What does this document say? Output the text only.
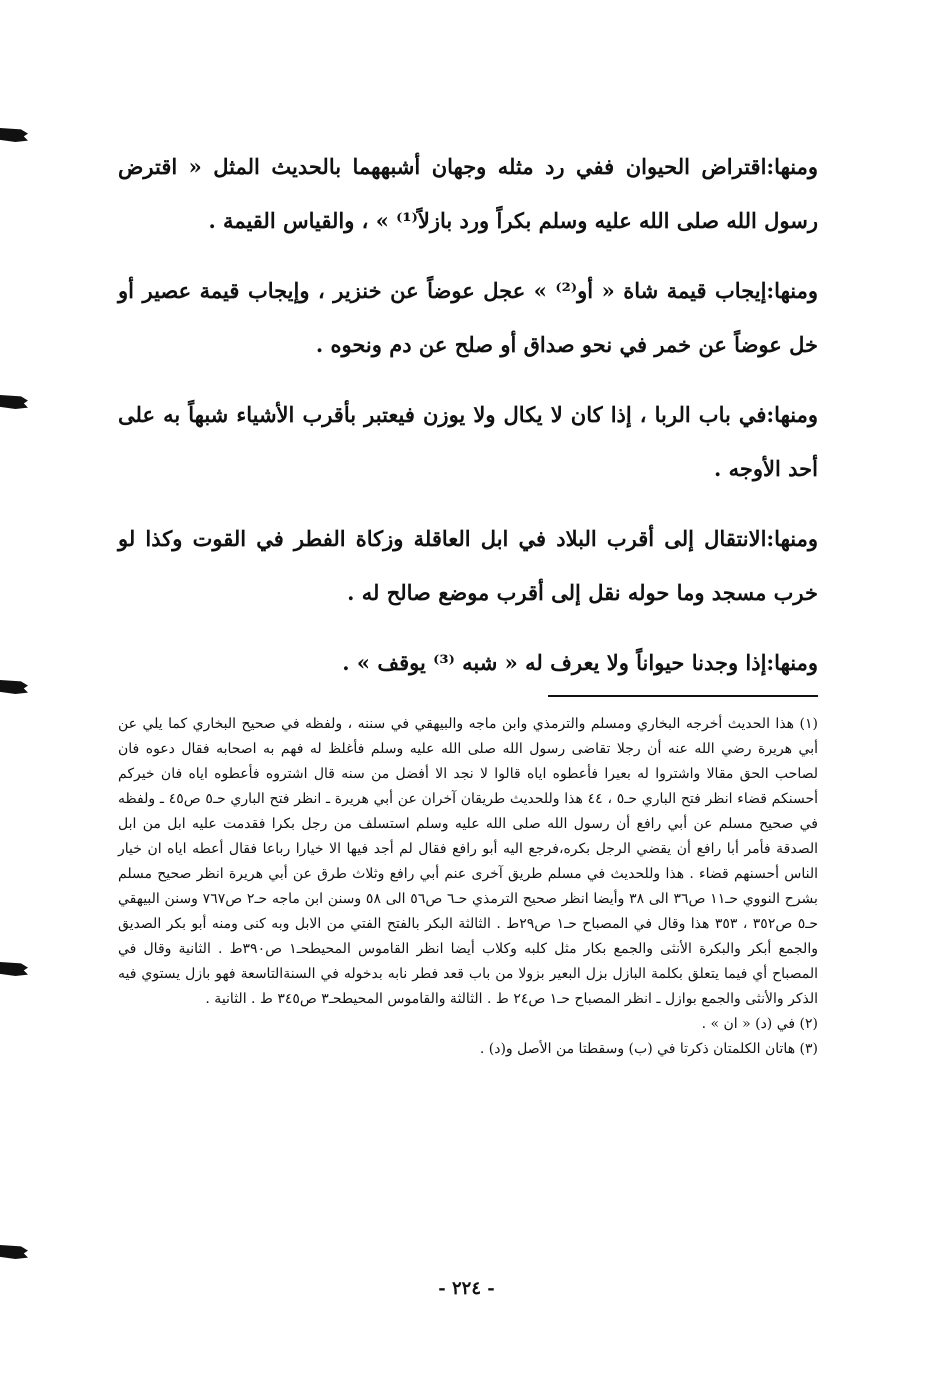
ومنها:اقتراض الحيوان ففي رد مثله وجهان أشبههما بالحديث المثل « اقترض رسول الله صلى الله عليه وسلم بكراً ورد بازلاً⁽¹⁾ » ، والقياس القيمة .

ومنها:إيجاب قيمة شاة « أو⁽²⁾ » عجل عوضاً عن خنزير ، وإيجاب قيمة عصير أو خل عوضاً عن خمر في نحو صداق أو صلح عن دم ونحوه .

ومنها:في باب الربا ، إذا كان لا يكال ولا يوزن فيعتبر بأقرب الأشياء شبهاً به على أحد الأوجه .

ومنها:الانتقال إلى أقرب البلاد في ابل العاقلة وزكاة الفطر في القوت وكذا لو خرب مسجد وما حوله نقل إلى أقرب موضع صالح له .

ومنها:إذا وجدنا حيواناً ولا يعرف له « شبه ⁽³⁾ يوقف » .

(١) هذا الحديث أخرجه البخاري ومسلم والترمذي وابن ماجه والبيهقي في سننه ، ولفظه في صحيح البخاري كما يلي عن أبي هريرة رضي الله عنه أن رجلا تقاضى رسول الله صلى الله عليه وسلم فأغلظ له فهم به اصحابه فقال دعوه فان لصاحب الحق مقالا واشتروا له بعيرا فأعطوه اياه قالوا لا نجد الا أفضل من سنه قال اشتروه فأعطوه اياه فان خيركم أحسنكم قضاء انظر فتح الباري حـ٥ ، ٤٤ هذا وللحديث طريقان آخران عن أبي هريرة ـ انظر فتح الباري حـ٥ ص٤٥ ـ ولفظه في صحيح مسلم عن أبي رافع أن رسول الله صلى الله عليه وسلم استسلف من رجل بكرا فقدمت عليه ابل من ابل الصدقة فأمر أبا رافع أن يقضي الرجل بكره،فرجع اليه أبو رافع فقال لم أجد فيها الا خيارا رباعا فقال أعطه اياه ان خيار الناس أحسنهم قضاء . هذا وللحديث في مسلم طريق آخرى عنم أبي رافع وثلاث طرق عن أبي هريرة انظر صحيح مسلم بشرح النووي حـ١١ ص٣٦ الى ٣٨ وأيضا انظر صحيح الترمذي حـ٦ ص٥٦ الى ٥٨ وسنن ابن ماجه حـ٢ ص٧٦٧ وسنن البيهقي حـ٥ ص٣٥٢ ، ٣٥٣ هذا وقال في المصباح حـ١ ص٢٩ط . الثالثة البكر بالفتح الفتي من الابل وبه كنى ومنه أبو بكر الصديق والجمع أبكر والبكرة الأنثى والجمع بكار مثل كلبه وكلاب أيضا انظر القاموس المحيطحـ١ ص٣٩٠ط . الثانية وقال في المصباح أي فيما يتعلق بكلمة البازل بزل البعير بزولا من باب قعد فطر نابه بدخوله في السنةالتاسعة فهو بازل يستوي فيه الذكر والأنثى والجمع بوازل ـ انظر المصباح حـ١ ص٢٤ ط . الثالثة والقاموس المحيطحـ٣ ص٣٤٥ ط . الثانية .

(٢) في (د) « ان » .

(٣) هاتان الكلمتان ذكرتا في (ب) وسقطتا من الأصل و(د) .

- ٢٢٤ -
